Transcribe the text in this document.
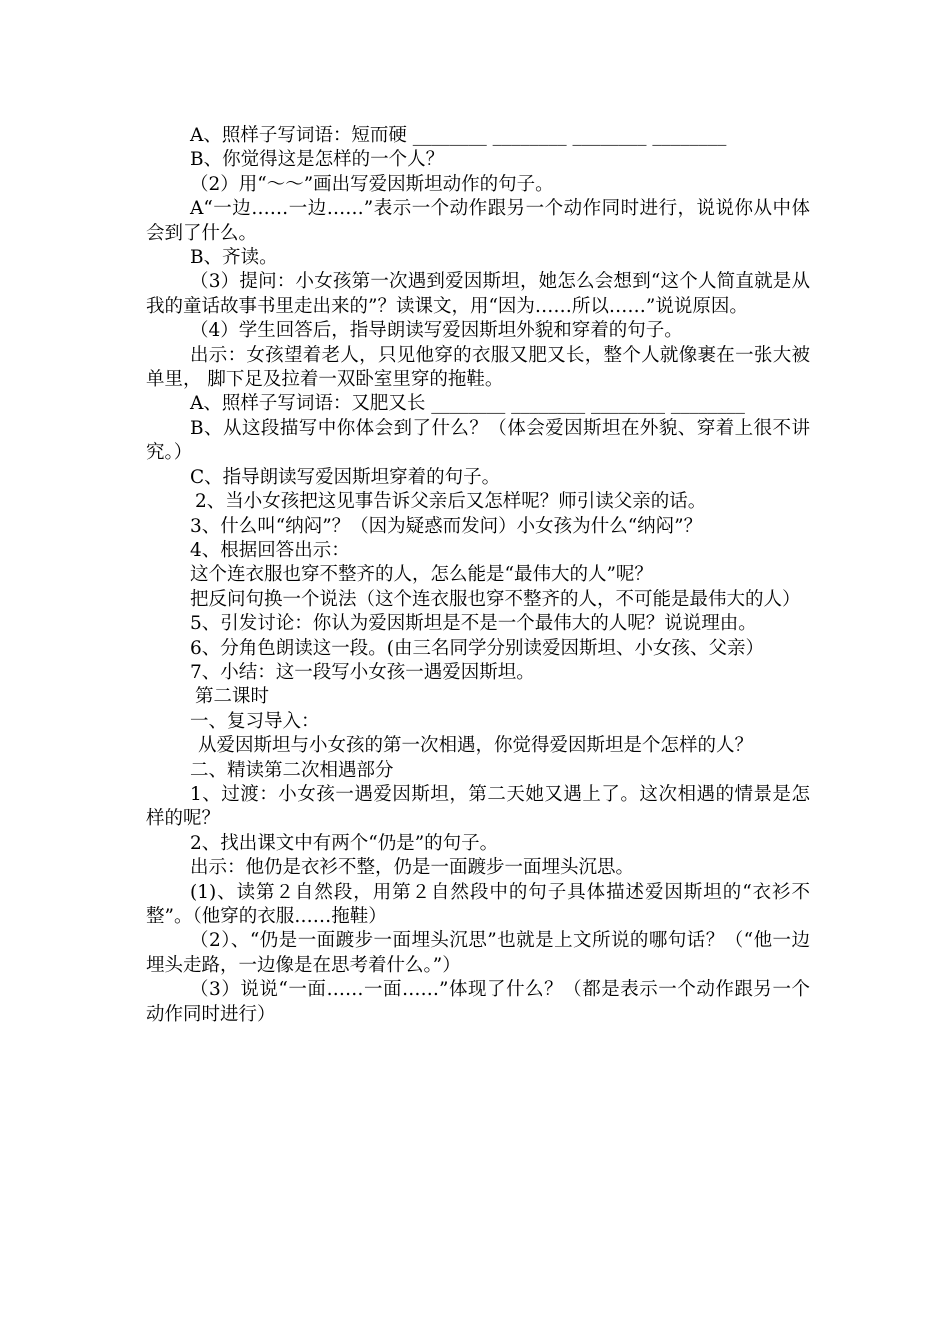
A、照样子写词语：短而硬 ________ ________ ________ ________

B、你觉得这是怎样的一个人？

（2）用“～～”画出写爱因斯坦动作的句子。

A“一边……一边……”表示一个动作跟另一个动作同时进行，说说你从中体会到了什么。

B、齐读。

（3）提问：小女孩第一次遇到爱因斯坦，她怎么会想到“这个人简直就是从我的童话故事书里走出来的”？读课文，用“因为……所以……”说说原因。

（4）学生回答后，指导朗读写爱因斯坦外貌和穿着的句子。

出示：女孩望着老人，只见他穿的衣服又肥又长，整个人就像裹在一张大被单里， 脚下足及拉着一双卧室里穿的拖鞋。

A、照样子写词语：又肥又长 ________ ________ ________ ________

B、从这段描写中你体会到了什么？（体会爱因斯坦在外貌、穿着上很不讲究。）

C、指导朗读写爱因斯坦穿着的句子。

2、当小女孩把这见事告诉父亲后又怎样呢？师引读父亲的话。

3、什么叫“纳闷”？（因为疑惑而发问）小女孩为什么“纳闷”？

4、根据回答出示：

这个连衣服也穿不整齐的人，怎么能是“最伟大的人”呢？

把反问句换一个说法（这个连衣服也穿不整齐的人，不可能是最伟大的人）

5、引发讨论：你认为爱因斯坦是不是一个最伟大的人呢？说说理由。

6、分角色朗读这一段。(由三名同学分别读爱因斯坦、小女孩、父亲）

7、小结：这一段写小女孩一遇爱因斯坦。

第二课时

一、复习导入：

从爱因斯坦与小女孩的第一次相遇，你觉得爱因斯坦是个怎样的人？

二、精读第二次相遇部分

1、过渡：小女孩一遇爱因斯坦，第二天她又遇上了。这次相遇的情景是怎样的呢？

2、找出课文中有两个“仍是”的句子。

出示：他仍是衣衫不整，仍是一面踱步一面埋头沉思。

(1)、读第２自然段，用第２自然段中的句子具体描述爱因斯坦的“衣衫不整”。（他穿的衣服……拖鞋）

（2）、“仍是一面踱步一面埋头沉思”也就是上文所说的哪句话？（“他一边埋头走路，一边像是在思考着什么。”）

（3）说说“一面……一面……”体现了什么？（都是表示一个动作跟另一个动作同时进行）
